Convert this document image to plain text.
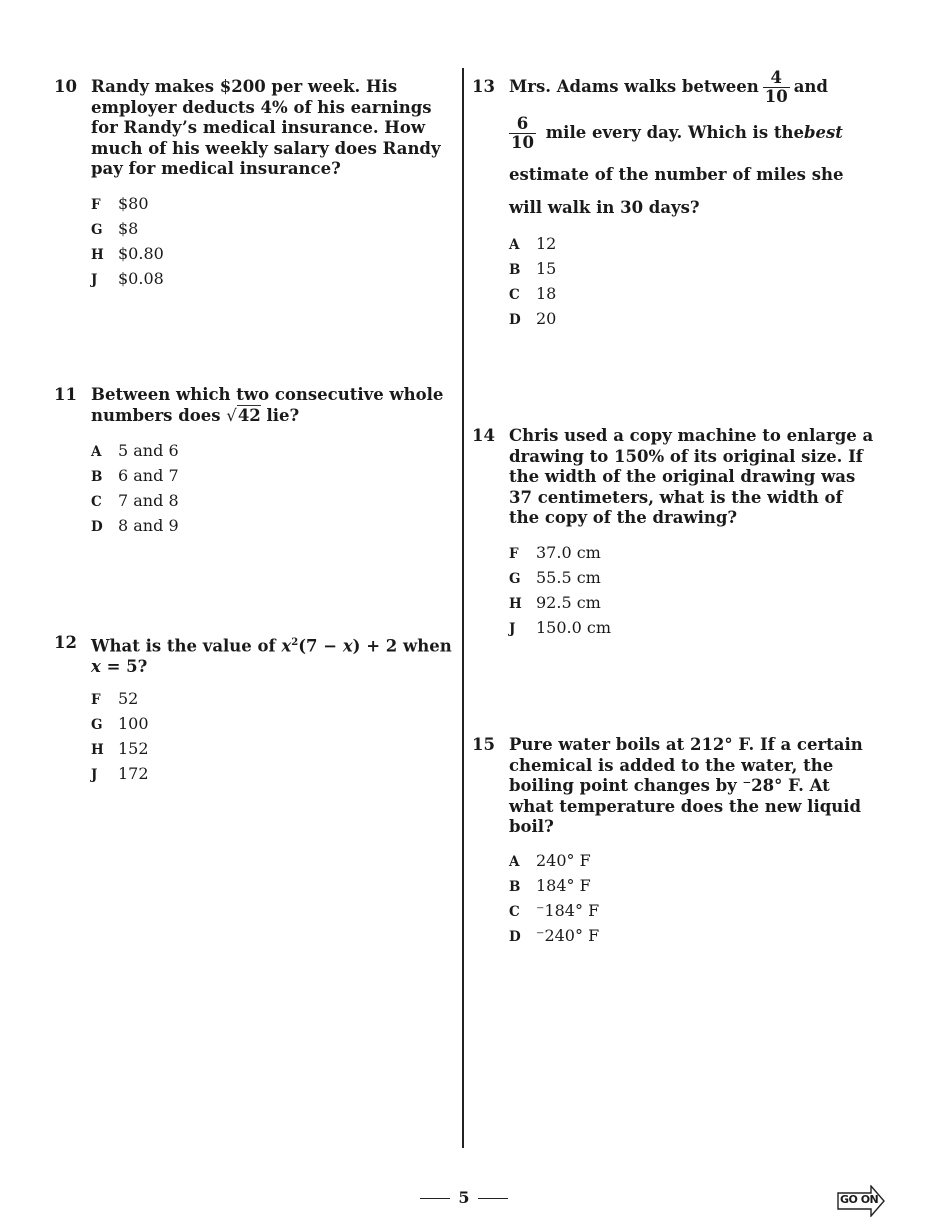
10 Randy makes $200 per week. His
employer deducts 4% of his earnings
for Randy’s medical insurance. How
much of his weekly salary does Randy
pay for medical insurance?
F $80
G $8
H $0.80
J $0.08
11 Between which two consecutive whole
numbers does √42 lie?
A 5 and 6
B 6 and 7
C 7 and 8
D 8 and 9
12 What is the value of $x^2(7 - x) + 2$ when
x = 5?
F 52
G 100
H 152
J 172
13 Mrs. Adams walks between $\frac{4}{10}$ and
$\frac{6}{10}$
mile every day. Which is the best
estimate of the number of miles she
will walk in 30 days?
A 12
B 15
C 18
D 20
14 Chris used a copy machine to enlarge a
drawing to 150% of its original size. If
the width of the original drawing was
37 centimeters, what is the width of
the copy of the drawing?
F 37.0 cm
G 55.5 cm
H 92.5 cm
J 150.0 cm
15 Pure water boils at 212° F. If a certain
chemical is added to the water, the
boiling point changes by ⁻28° F. At
what temperature does the new liquid
boil?
A 240° F
B 184° F
C ⁻184° F
D ⁻240° F
5	GO ON
